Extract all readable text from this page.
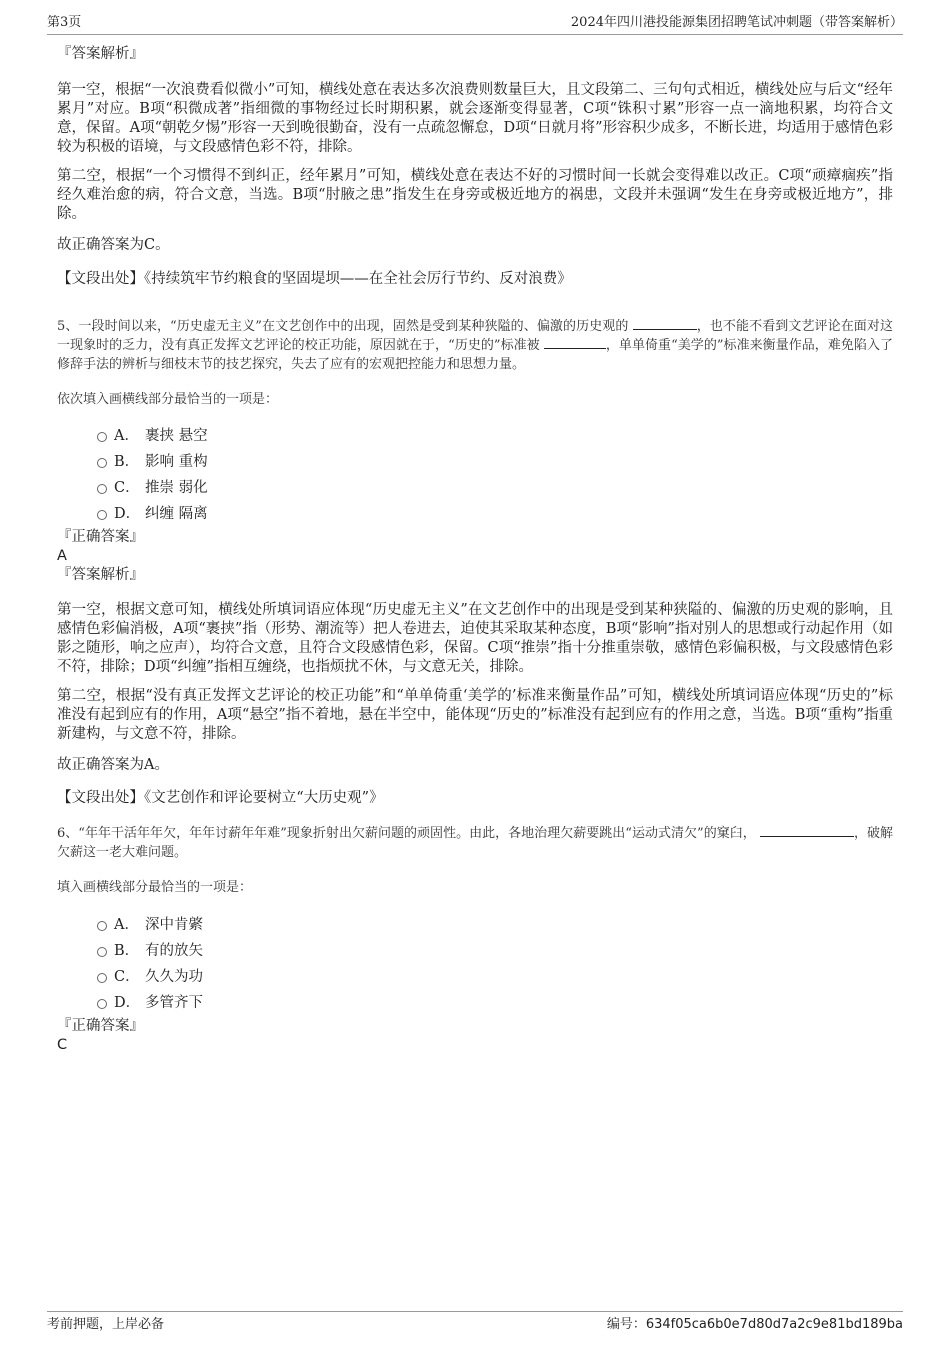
第3页	2024年四川港投能源集团招聘笔试冲刺题（带答案解析）

『答案解析』

第一空，根据“一次浪费看似微小”可知，横线处意在表达多次浪费则数量巨大，且文段第二、三句句式相近，横线处应与后文“经年累月”对应。B项“积微成著”指细微的事物经过长时期积累，就会逐渐变得显著，C项“铢积寸累”形容一点一滴地积累，均符合文意，保留。A项“朝乾夕惕”形容一天到晚很勤奋，没有一点疏忽懈怠，D项“日就月将”形容积少成多，不断长进，均适用于感情色彩较为积极的语境，与文段感情色彩不符，排除。

第二空，根据“一个习惯得不到纠正，经年累月”可知，横线处意在表达不好的习惯时间一长就会变得难以改正。C项“顽瘴痼疾”指经久难治愈的病，符合文意，当选。B项“肘腋之患”指发生在身旁或极近地方的祸患，文段并未强调“发生在身旁或极近地方”，排除。

故正确答案为C。

【文段出处】《持续筑牢节约粮食的坚固堤坝——在全社会厉行节约、反对浪费》

5、一段时间以来，“历史虚无主义”在文艺创作中的出现，固然是受到某种狭隘的、偏激的历史观的	，也不能不看到文艺评论在面对这一现象时的乏力，没有真正发挥文艺评论的校正功能，原因就在于，“历史的”标准被	，单单倚重“美学的”标准来衡量作品，难免陷入了修辞手法的辨析与细枝末节的技艺探究，失去了应有的宏观把控能力和思想力量。

依次填入画横线部分最恰当的一项是：

A． 裹挟 悬空
B． 影响 重构
C． 推崇 弱化
D． 纠缠 隔离

『正确答案』

A

『答案解析』

第一空，根据文意可知，横线处所填词语应体现“历史虚无主义”在文艺创作中的出现是受到某种狭隘的、偏激的历史观的影响，且感情色彩偏消极，A项“裹挟”指（形势、潮流等）把人卷进去，迫使其采取某种态度，B项“影响”指对别人的思想或行动起作用（如影之随形，响之应声），均符合文意，且符合文段感情色彩，保留。C项“推崇”指十分推重崇敬，感情色彩偏积极，与文段感情色彩不符，排除；D项“纠缠”指相互缠绕，也指烦扰不休，与文意无关，排除。

第二空，根据“没有真正发挥文艺评论的校正功能”和“单单倚重‘美学的’标准来衡量作品”可知，横线处所填词语应体现“历史的”标准没有起到应有的作用，A项“悬空”指不着地，悬在半空中，能体现“历史的”标准没有起到应有的作用之意，当选。B项“重构”指重新建构，与文意不符，排除。

故正确答案为A。

【文段出处】《文艺创作和评论要树立“大历史观”》

6、“年年干活年年欠，年年讨薪年年难”现象折射出欠薪问题的顽固性。由此，各地治理欠薪要跳出“运动式清欠”的窠臼，	，破解欠薪这一老大难问题。

填入画横线部分最恰当的一项是：

A． 深中肯綮
B． 有的放矢
C． 久久为功
D． 多管齐下

『正确答案』

C

考前押题，上岸必备	编号：634f05ca6b0e7d80d7a2c9e81bd189ba
